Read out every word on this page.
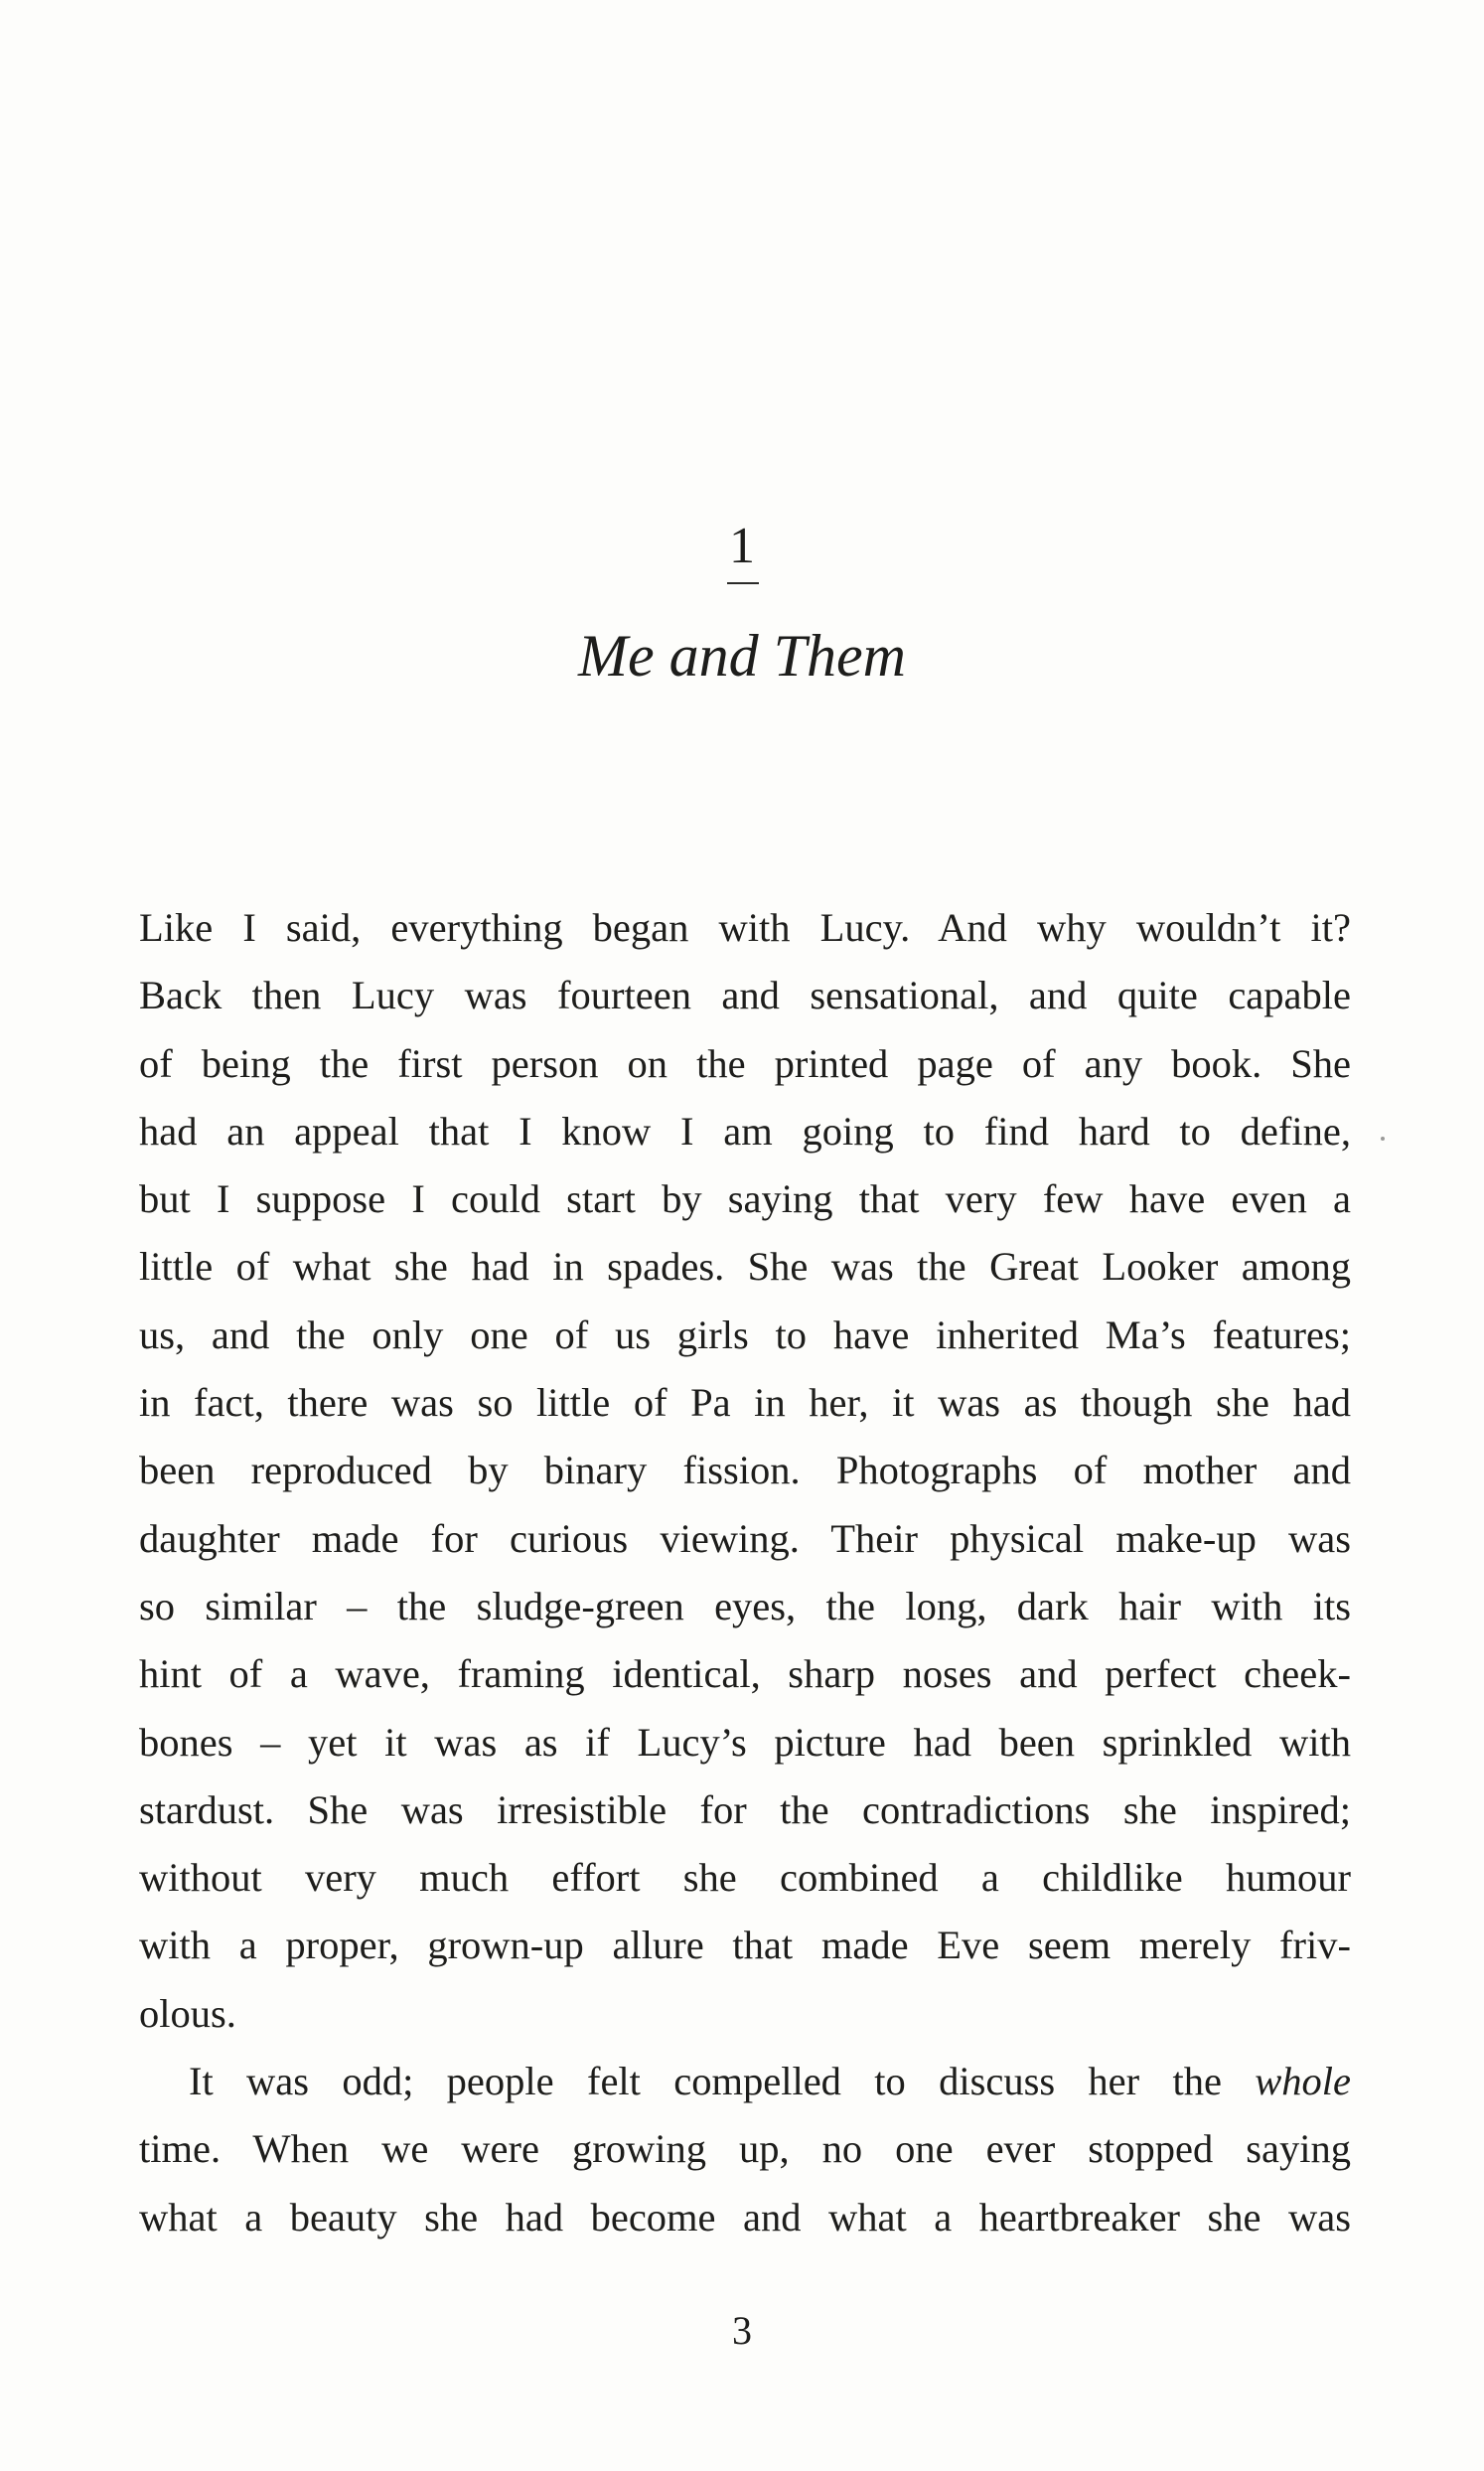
1
Me and Them
Like I said, everything began with Lucy. And why wouldn’t it?
Back then Lucy was fourteen and sensational, and quite capable
of being the first person on the printed page of any book. She
had an appeal that I know I am going to find hard to define,
but I suppose I could start by saying that very few have even a
little of what she had in spades. She was the Great Looker among
us, and the only one of us girls to have inherited Ma’s features;
in fact, there was so little of Pa in her, it was as though she had
been reproduced by binary fission. Photographs of mother and
daughter made for curious viewing. Their physical make-up was
so similar – the sludge-green eyes, the long, dark hair with its
hint of a wave, framing identical, sharp noses and perfect cheek-
bones – yet it was as if Lucy’s picture had been sprinkled with
stardust. She was irresistible for the contradictions she inspired;
without very much effort she combined a childlike humour
with a proper, grown-up allure that made Eve seem merely friv-
olous.
It was odd; people felt compelled to discuss her the whole
time. When we were growing up, no one ever stopped saying
what a beauty she had become and what a heartbreaker she was
3
